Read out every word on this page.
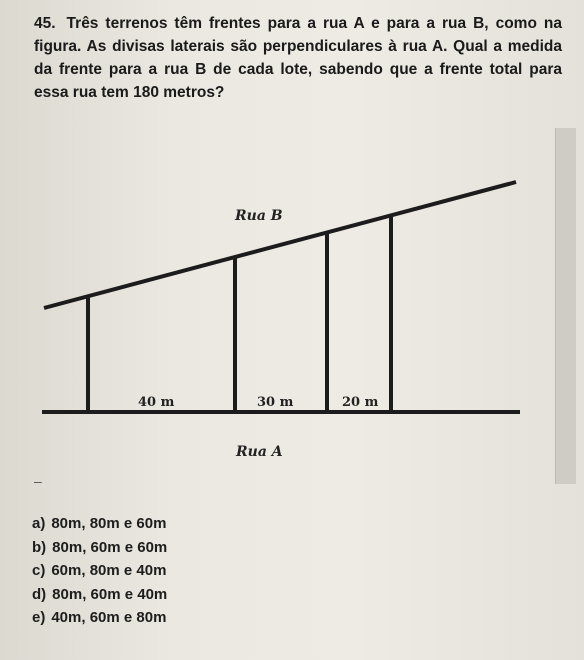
45. Três terrenos têm frentes para a rua A e para a rua B, como na figura. As divisas laterais são perpendiculares à rua A. Qual a medida da frente para a rua B de cada lote, sabendo que a frente total para essa rua tem 180 metros?
Rua B
40 m	30 m	20 m
Rua A
–
a) 80m, 80m e 60m
b) 80m, 60m e 60m
c) 60m, 80m e 40m
d) 80m, 60m e 40m
e) 40m, 60m e 80m
